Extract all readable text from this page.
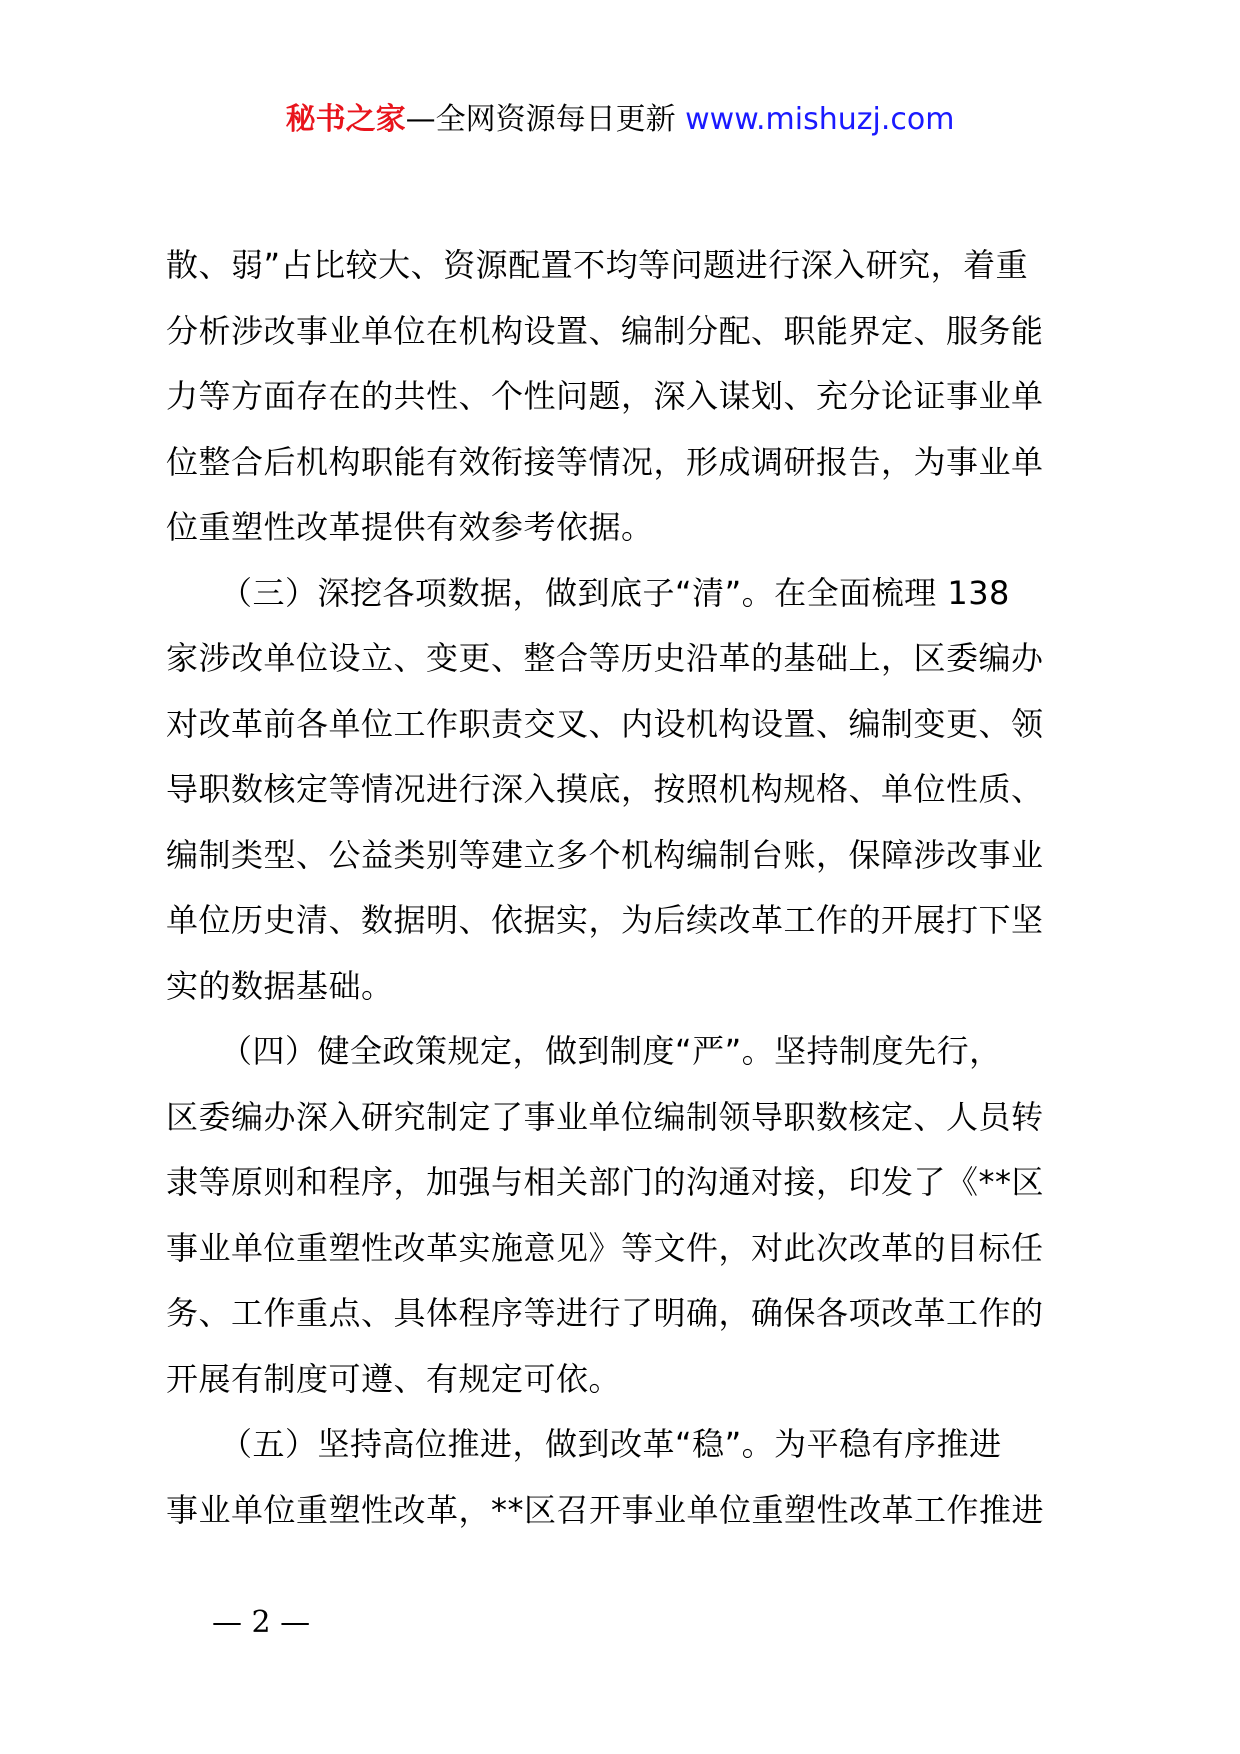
秘书之家—全网资源每日更新 www.mishuzj.com
散、弱”占比较大、资源配置不均等问题进行深入研究，着重
分析涉改事业单位在机构设置、编制分配、职能界定、服务能
力等方面存在的共性、个性问题，深入谋划、充分论证事业单
位整合后机构职能有效衔接等情况，形成调研报告，为事业单
位重塑性改革提供有效参考依据。
（三）深挖各项数据，做到底子“清”。在全面梳理 138
家涉改单位设立、变更、整合等历史沿革的基础上，区委编办
对改革前各单位工作职责交叉、内设机构设置、编制变更、领
导职数核定等情况进行深入摸底，按照机构规格、单位性质、
编制类型、公益类别等建立多个机构编制台账，保障涉改事业
单位历史清、数据明、依据实，为后续改革工作的开展打下坚
实的数据基础。
（四）健全政策规定，做到制度“严”。坚持制度先行，
区委编办深入研究制定了事业单位编制领导职数核定、人员转
隶等原则和程序，加强与相关部门的沟通对接，印发了《**区
事业单位重塑性改革实施意见》等文件，对此次改革的目标任
务、工作重点、具体程序等进行了明确，确保各项改革工作的
开展有制度可遵、有规定可依。
（五）坚持高位推进，做到改革“稳”。为平稳有序推进
事业单位重塑性改革，**区召开事业单位重塑性改革工作推进
— 2 —
